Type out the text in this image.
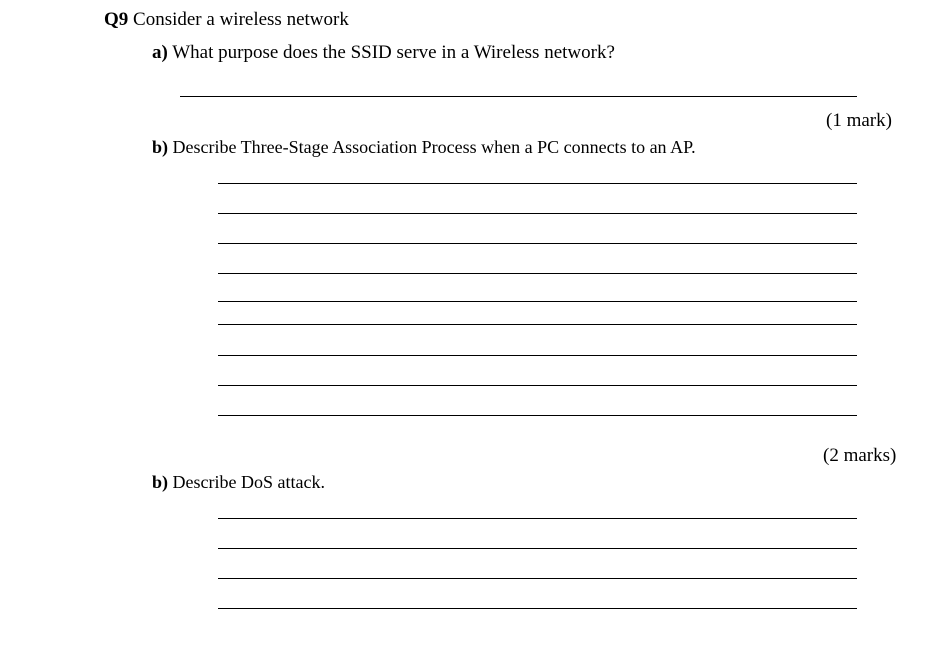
Q9 Consider a wireless network
a) What purpose does the SSID serve in a Wireless network?
(1 mark)
b) Describe Three-Stage Association Process when a PC connects to an AP.
(2 marks)
b) Describe DoS attack.
